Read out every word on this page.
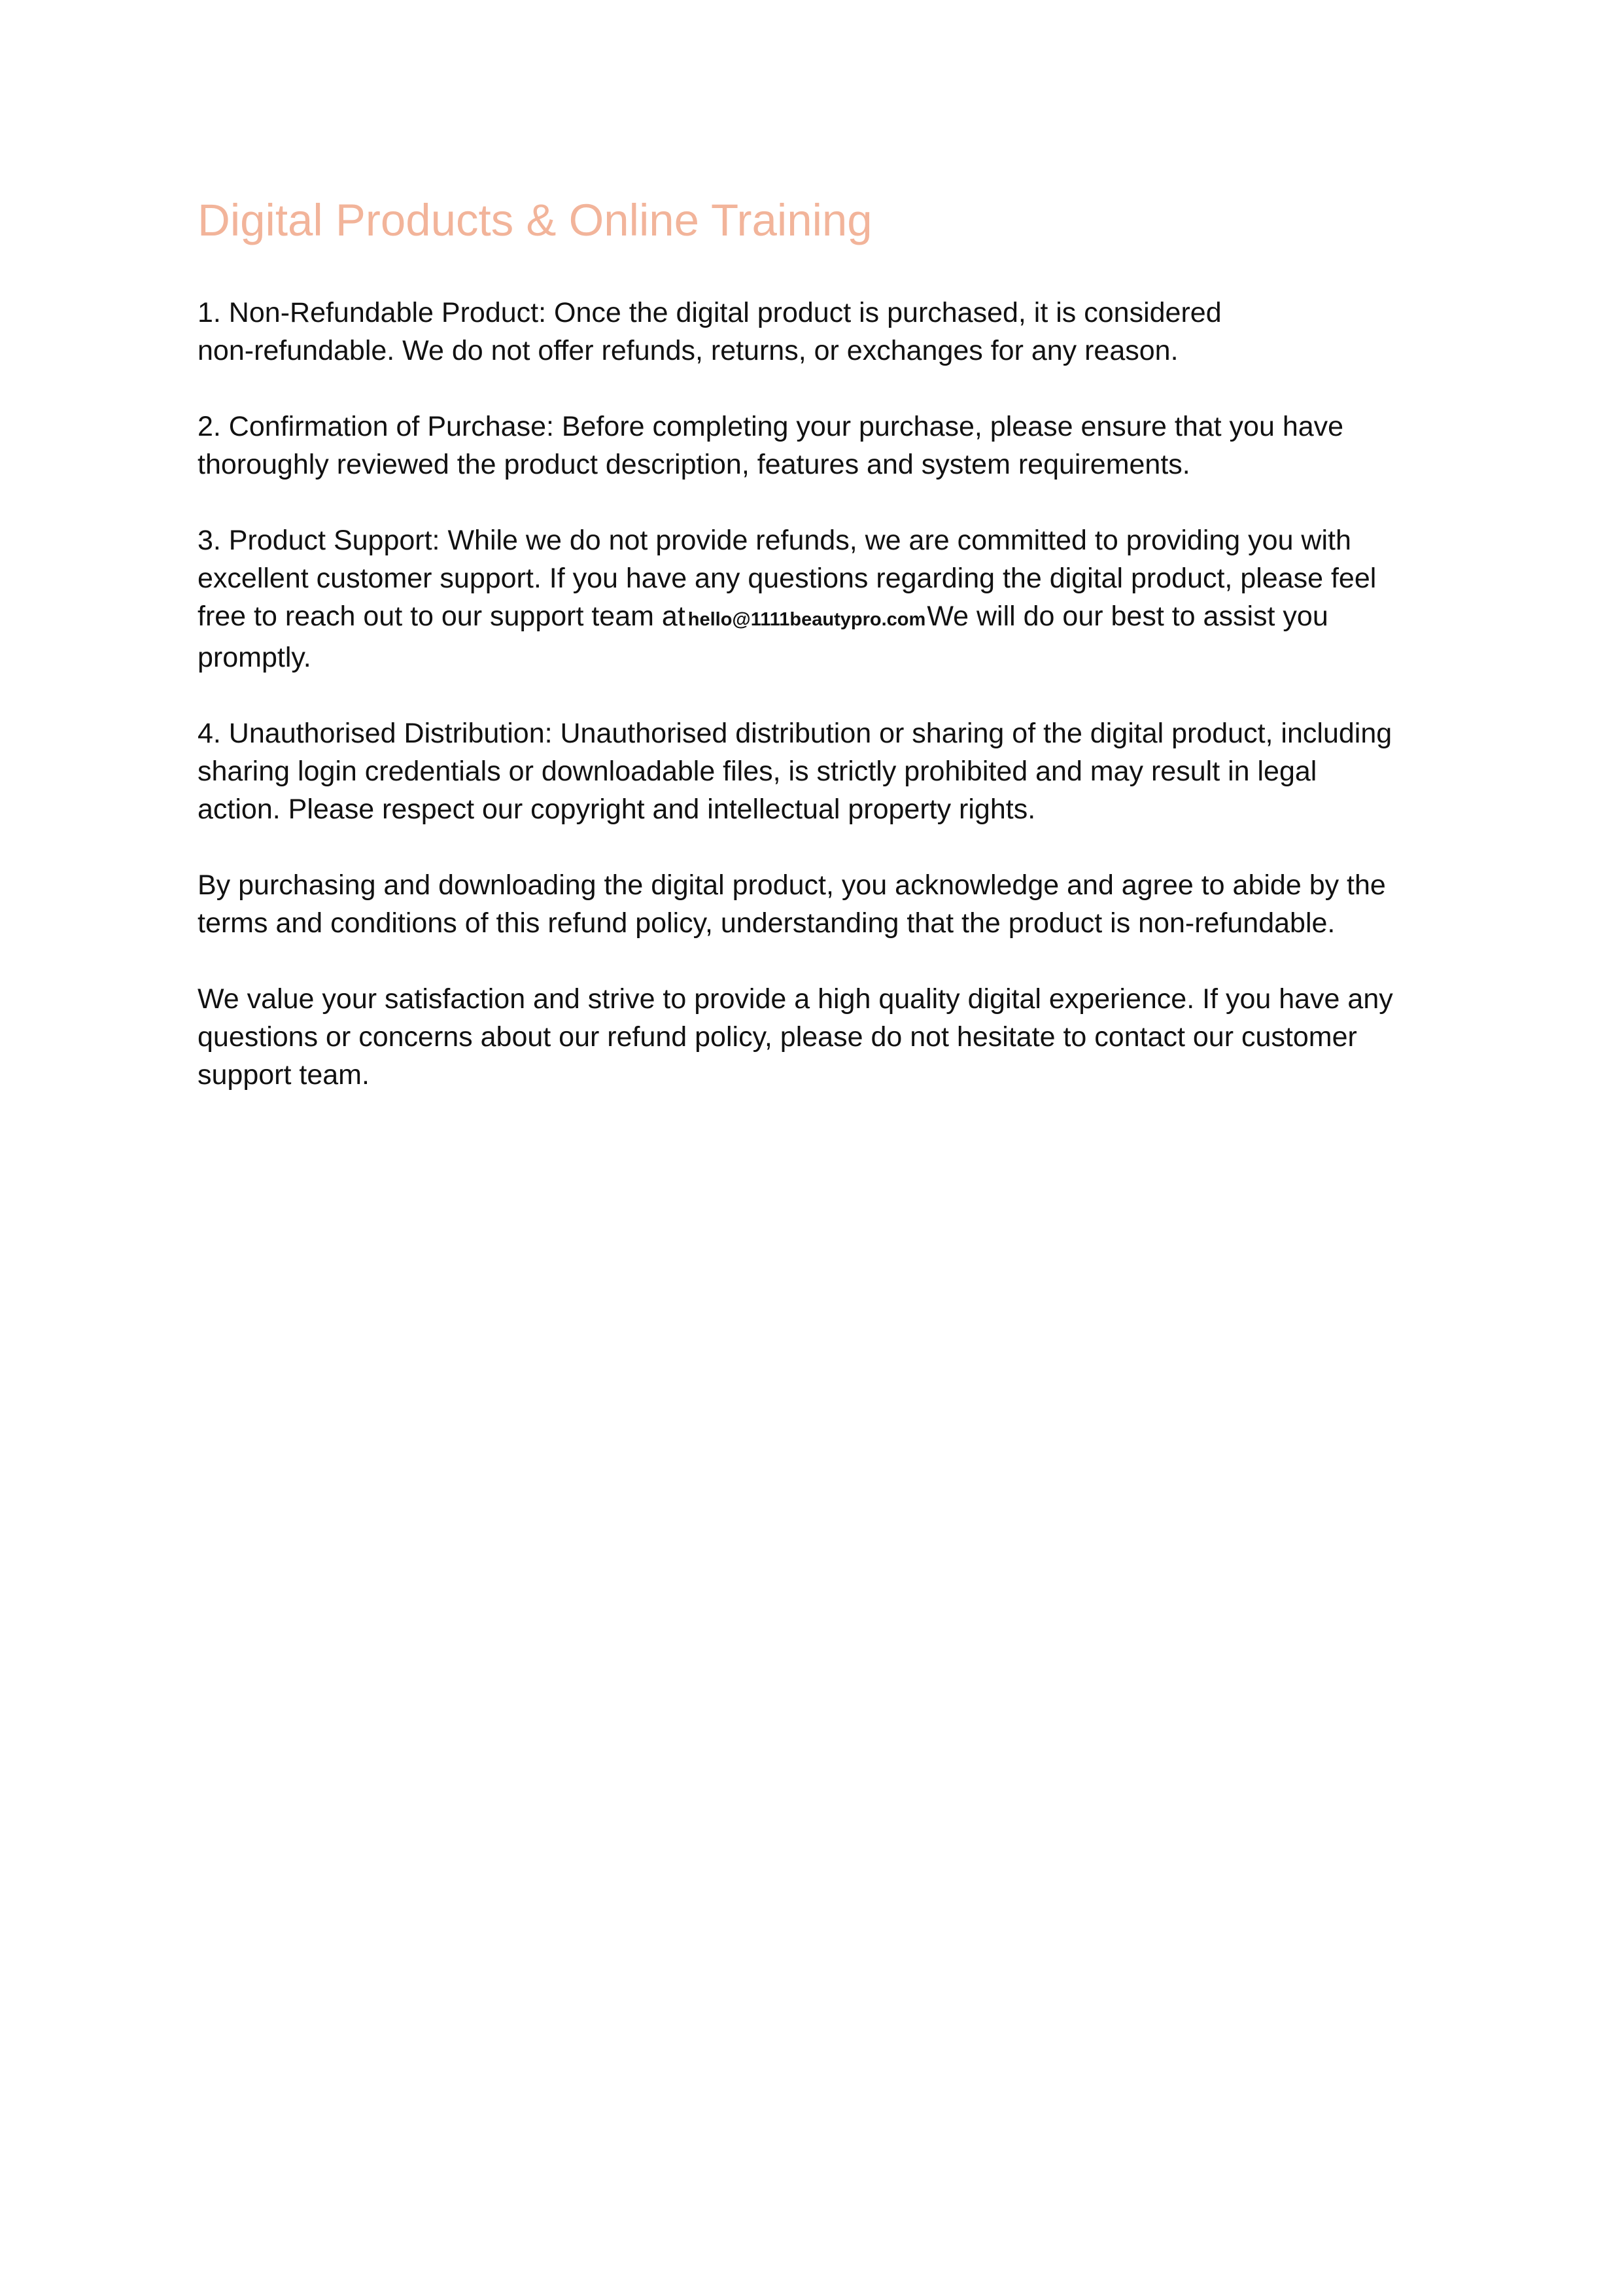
Digital Products & Online Training

1. Non-Refundable Product: Once the digital product is purchased, it is considered
non-refundable. We do not offer refunds, returns, or exchanges for any reason.

2. Confirmation of Purchase: Before completing your purchase, please ensure that you have
thoroughly reviewed the product description, features and system requirements.

3. Product Support: While we do not provide refunds, we are committed to providing you with
excellent customer support. If you have any questions regarding the digital product, please feel
free to reach out to our support team at hello@1111beautypro.comWe will do our best to assist you
promptly.

4. Unauthorised Distribution: Unauthorised distribution or sharing of the digital product, including
sharing login credentials or downloadable files, is strictly prohibited and may result in legal
action. Please respect our copyright and intellectual property rights.

By purchasing and downloading the digital product, you acknowledge and agree to abide by the
terms and conditions of this refund policy, understanding that the product is non-refundable.

We value your satisfaction and strive to provide a high quality digital experience. If you have any
questions or concerns about our refund policy, please do not hesitate to contact our customer
support team.
